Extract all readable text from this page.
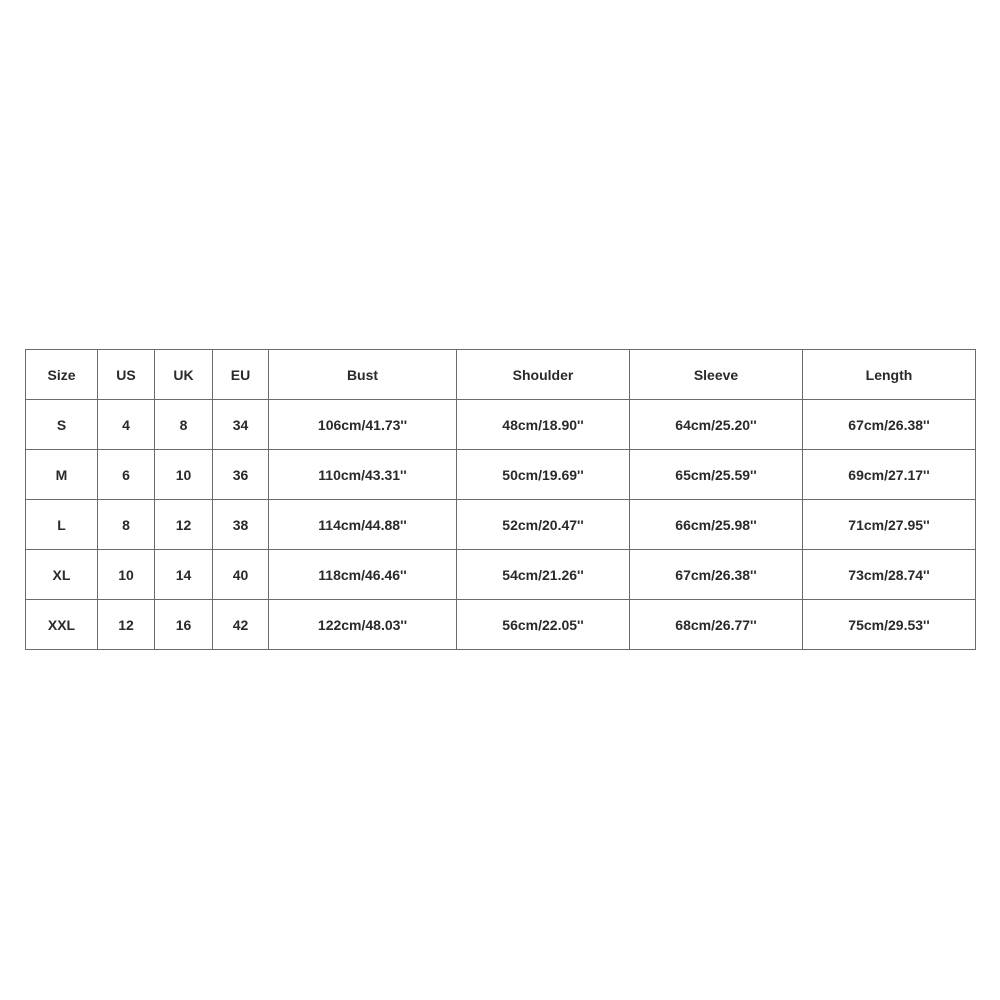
Size	US	UK	EU	Bust	Shoulder	Sleeve	Length
S	4	8	34	106cm/41.73''	48cm/18.90''	64cm/25.20''	67cm/26.38''
M	6	10	36	110cm/43.31''	50cm/19.69''	65cm/25.59''	69cm/27.17''
L	8	12	38	114cm/44.88''	52cm/20.47''	66cm/25.98''	71cm/27.95''
XL	10	14	40	118cm/46.46''	54cm/21.26''	67cm/26.38''	73cm/28.74''
XXL	12	16	42	122cm/48.03''	56cm/22.05''	68cm/26.77''	75cm/29.53''
